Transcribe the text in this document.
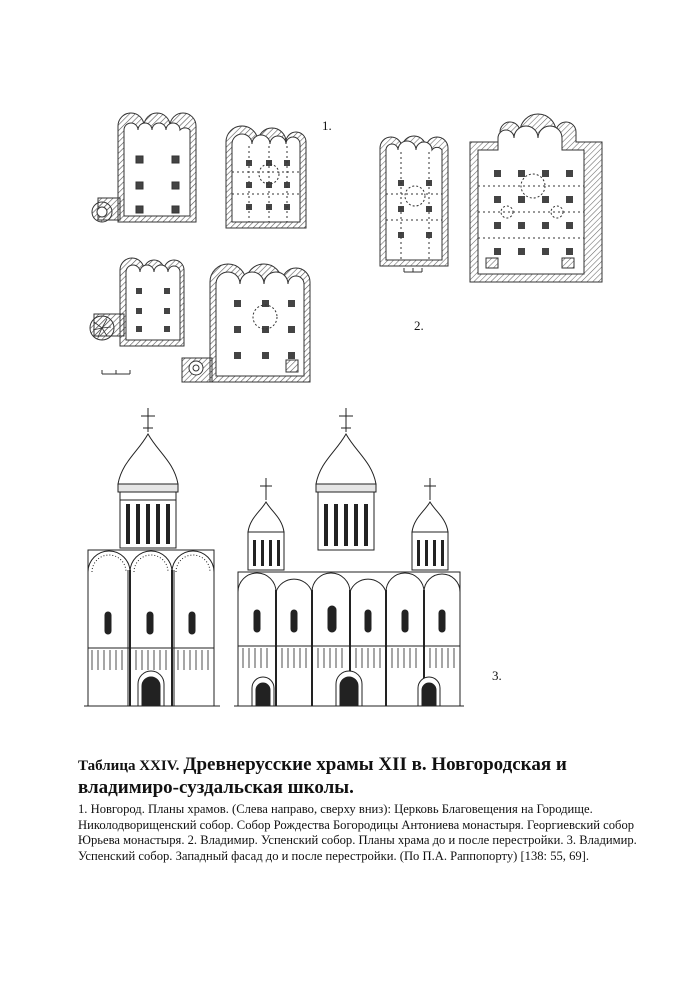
1.
2.
3.

Таблица XXIV. Древнерусские храмы XII в. Новгородская и владимиро-суздальская школы.

1. Новгород. Планы храмов. (Слева направо, сверху вниз): Церковь Благовещения на Городище. Николодворищенский собор. Собор Рождества Богородицы Антониева монастыря. Георгиевский собор Юрьева монастыря. 2. Владимир. Успенский собор. Планы храма до и после перестройки. 3. Владимир. Успенский собор. Западный фасад до и после перестройки. (По П.А. Раппопорту) [138: 55, 69].
